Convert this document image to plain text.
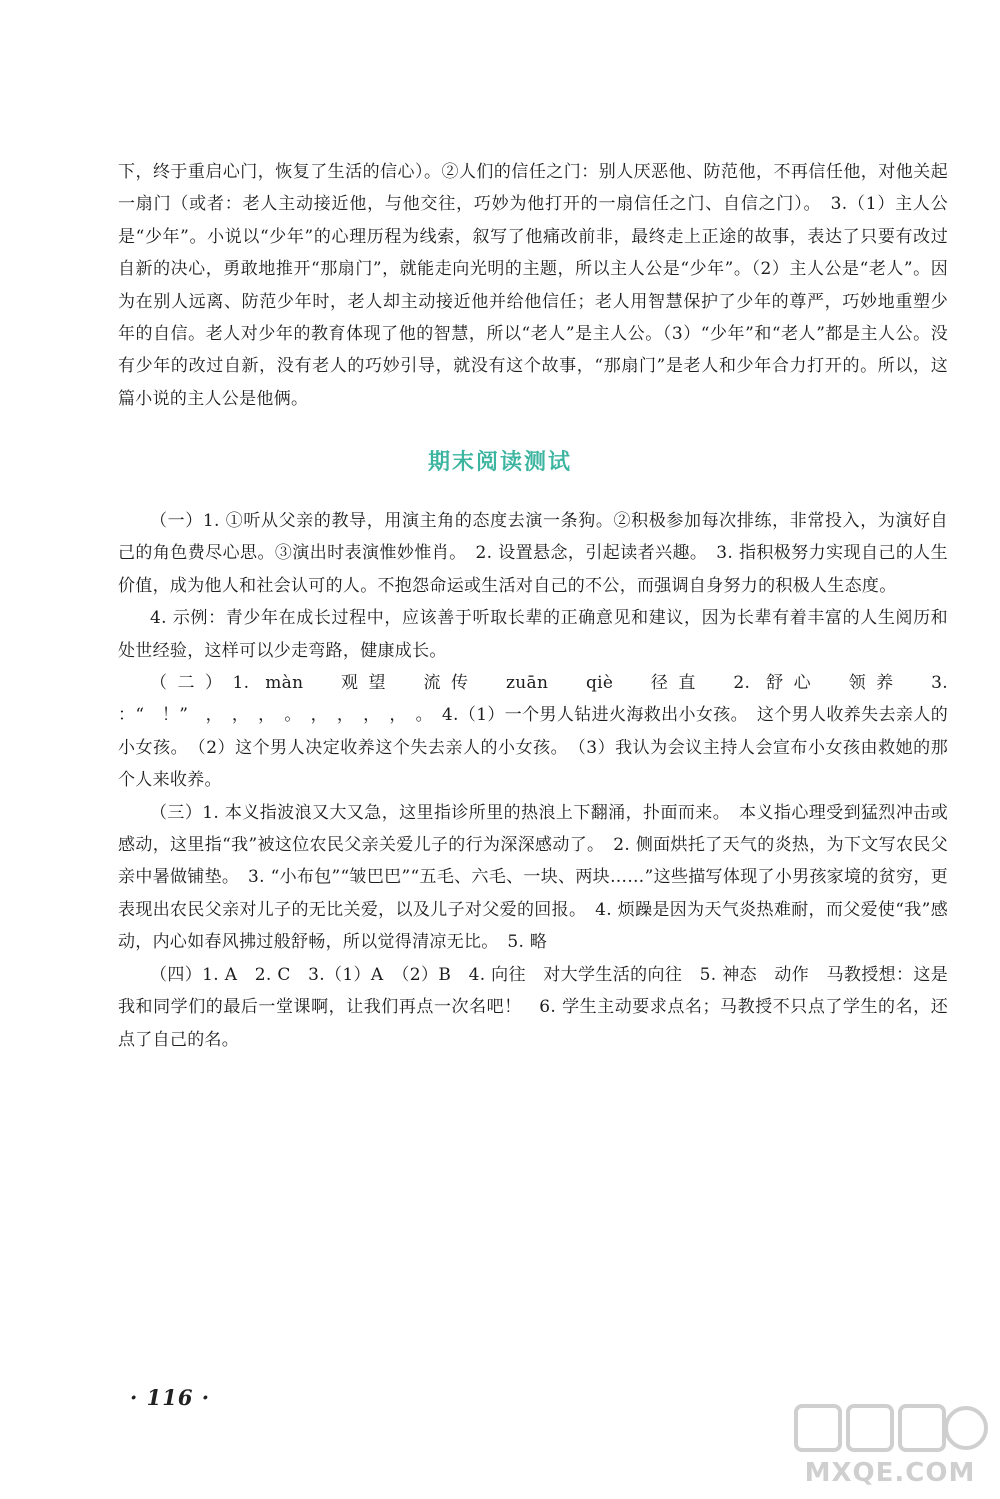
下，终于重启心门，恢复了生活的信心）。②人们的信任之门：别人厌恶他、防范他，不再信任他，对他关起一扇门（或者：老人主动接近他，与他交往，巧妙为他打开的一扇信任之门、自信之门）。　3.（1）主人公是“少年”。小说以“少年”的心理历程为线索，叙写了他痛改前非，最终走上正途的故事，表达了只要有改过自新的决心，勇敢地推开“那扇门”，就能走向光明的主题，所以主人公是“少年”。（2）主人公是“老人”。因为在别人远离、防范少年时，老人却主动接近他并给他信任；老人用智慧保护了少年的尊严，巧妙地重塑少年的自信。老人对少年的教育体现了他的智慧，所以“老人”是主人公。（3）“少年”和“老人”都是主人公。没有少年的改过自新，没有老人的巧妙引导，就没有这个故事，“那扇门”是老人和少年合力打开的。所以，这篇小说的主人公是他俩。

期末阅读测试

（一）1. ①听从父亲的教导，用演主角的态度去演一条狗。②积极参加每次排练，非常投入，为演好自己的角色费尽心思。③演出时表演惟妙惟肖。　2. 设置悬念，引起读者兴趣。　3. 指积极努力实现自己的人生价值，成为他人和社会认可的人。不抱怨命运或生活对自己的不公，而强调自身努力的积极人生态度。

4. 示例：青少年在成长过程中，应该善于听取长辈的正确意见和建议，因为长辈有着丰富的人生阅历和处世经验，这样可以少走弯路，健康成长。

（二）1. màn　观望　流传　zuān　qiè　径直　2. 舒心　领养　3. ：“　！”　，　，　，　。　，　，　，　，　。　4.（1）一个男人钻进火海救出小女孩。　这个男人收养失去亲人的小女孩。　（2）这个男人决定收养这个失去亲人的小女孩。　（3）我认为会议主持人会宣布小女孩由救她的那个人来收养。

（三）1. 本义指波浪又大又急，这里指诊所里的热浪上下翻涌，扑面而来。　本义指心理受到猛烈冲击或感动，这里指“我”被这位农民父亲关爱儿子的行为深深感动了。　2. 侧面烘托了天气的炎热，为下文写农民父亲中暑做铺垫。　3. “小布包”“皱巴巴”“五毛、六毛、一块、两块……”这些描写体现了小男孩家境的贫穷，更表现出农民父亲对儿子的无比关爱，以及儿子对父爱的回报。　4. 烦躁是因为天气炎热难耐，而父爱使“我”感动，内心如春风拂过般舒畅，所以觉得清凉无比。　5. 略

（四）1. A　2. C　3.（1）A　（2）B　4. 向往　对大学生活的向往　5. 神态　动作　马教授想：这是我和同学们的最后一堂课啊，让我们再点一次名吧！　6. 学生主动要求点名；马教授不只点了学生的名，还点了自己的名。

· 116 ·
MXQE.COM
